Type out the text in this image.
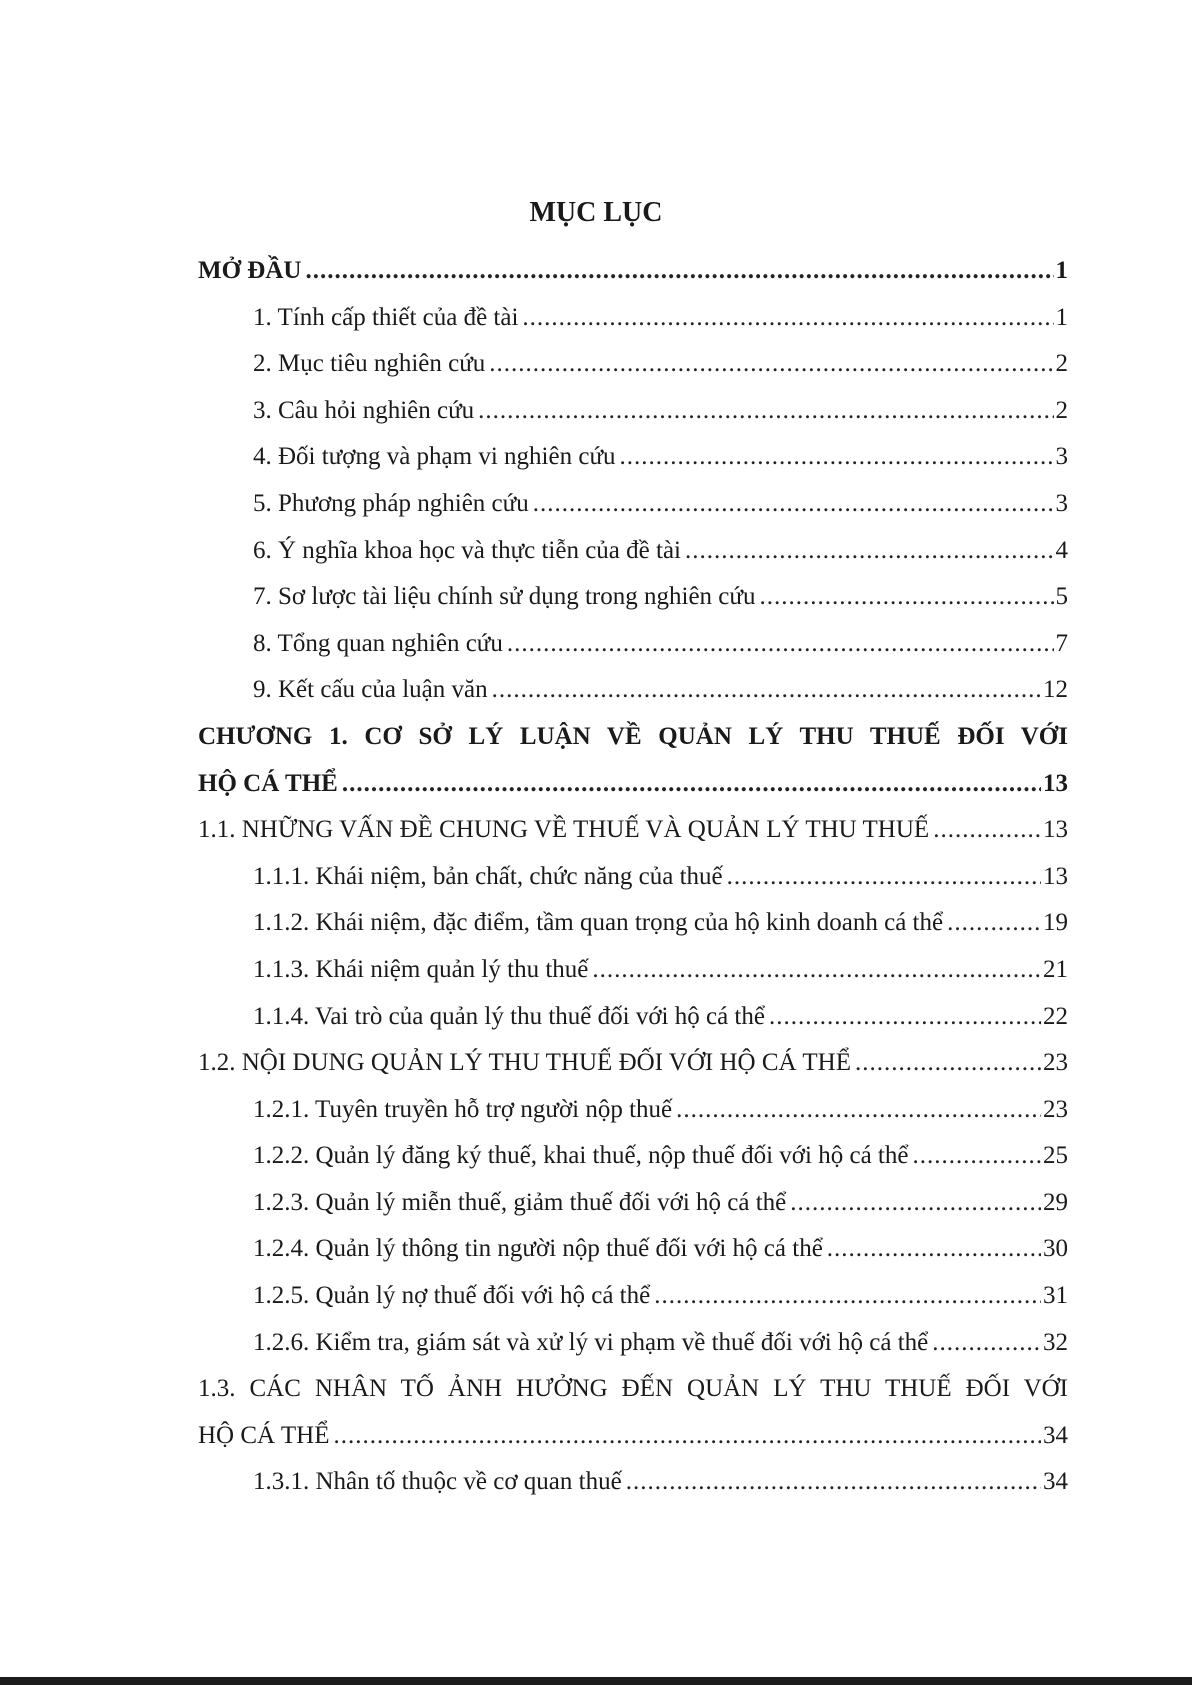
MỤC LỤC
MỞ ĐẦU .....	1
1. Tính cấp thiết của đề tài .....	1
2. Mục tiêu nghiên cứu .....	2
3. Câu hỏi nghiên cứu .....	2
4. Đối tượng và phạm vi nghiên cứu .....	3
5. Phương pháp nghiên cứu .....	3
6. Ý nghĩa khoa học và thực tiễn của đề tài .....	4
7. Sơ lược tài liệu chính sử dụng trong nghiên cứu .....	5
8. Tổng quan nghiên cứu .....	7
9. Kết cấu của luận văn .....	12
CHƯƠNG 1. CƠ SỞ LÝ LUẬN VỀ QUẢN LÝ THU THUẾ ĐỐI VỚI
HỘ CÁ THỂ .....	13
1.1. NHỮNG VẤN ĐỀ CHUNG VỀ THUẾ VÀ QUẢN LÝ THU THUẾ .....	13
1.1.1. Khái niệm, bản chất, chức năng của thuế .....	13
1.1.2. Khái niệm, đặc điểm, tầm quan trọng của hộ kinh doanh cá thể .....	19
1.1.3. Khái niệm quản lý thu thuế .....	21
1.1.4. Vai trò của quản lý thu thuế đối với hộ cá thể .....	22
1.2. NỘI DUNG QUẢN LÝ THU THUẾ ĐỐI VỚI HỘ CÁ THỂ .....	23
1.2.1. Tuyên truyền hỗ trợ người nộp thuế .....	23
1.2.2. Quản lý đăng ký thuế, khai thuế, nộp thuế đối với hộ cá thể .....	25
1.2.3. Quản lý miễn thuế, giảm thuế đối với hộ cá thể .....	29
1.2.4. Quản lý thông tin người nộp thuế đối với hộ cá thể .....	30
1.2.5. Quản lý nợ thuế đối với hộ cá thể .....	31
1.2.6. Kiểm tra, giám sát và xử lý vi phạm về thuế đối với hộ cá thể .....	32
1.3. CÁC NHÂN TỐ ẢNH HƯỞNG ĐẾN QUẢN LÝ THU THUẾ ĐỐI VỚI
HỘ CÁ THỂ .....	34
1.3.1. Nhân tố thuộc về cơ quan thuế .....	34
